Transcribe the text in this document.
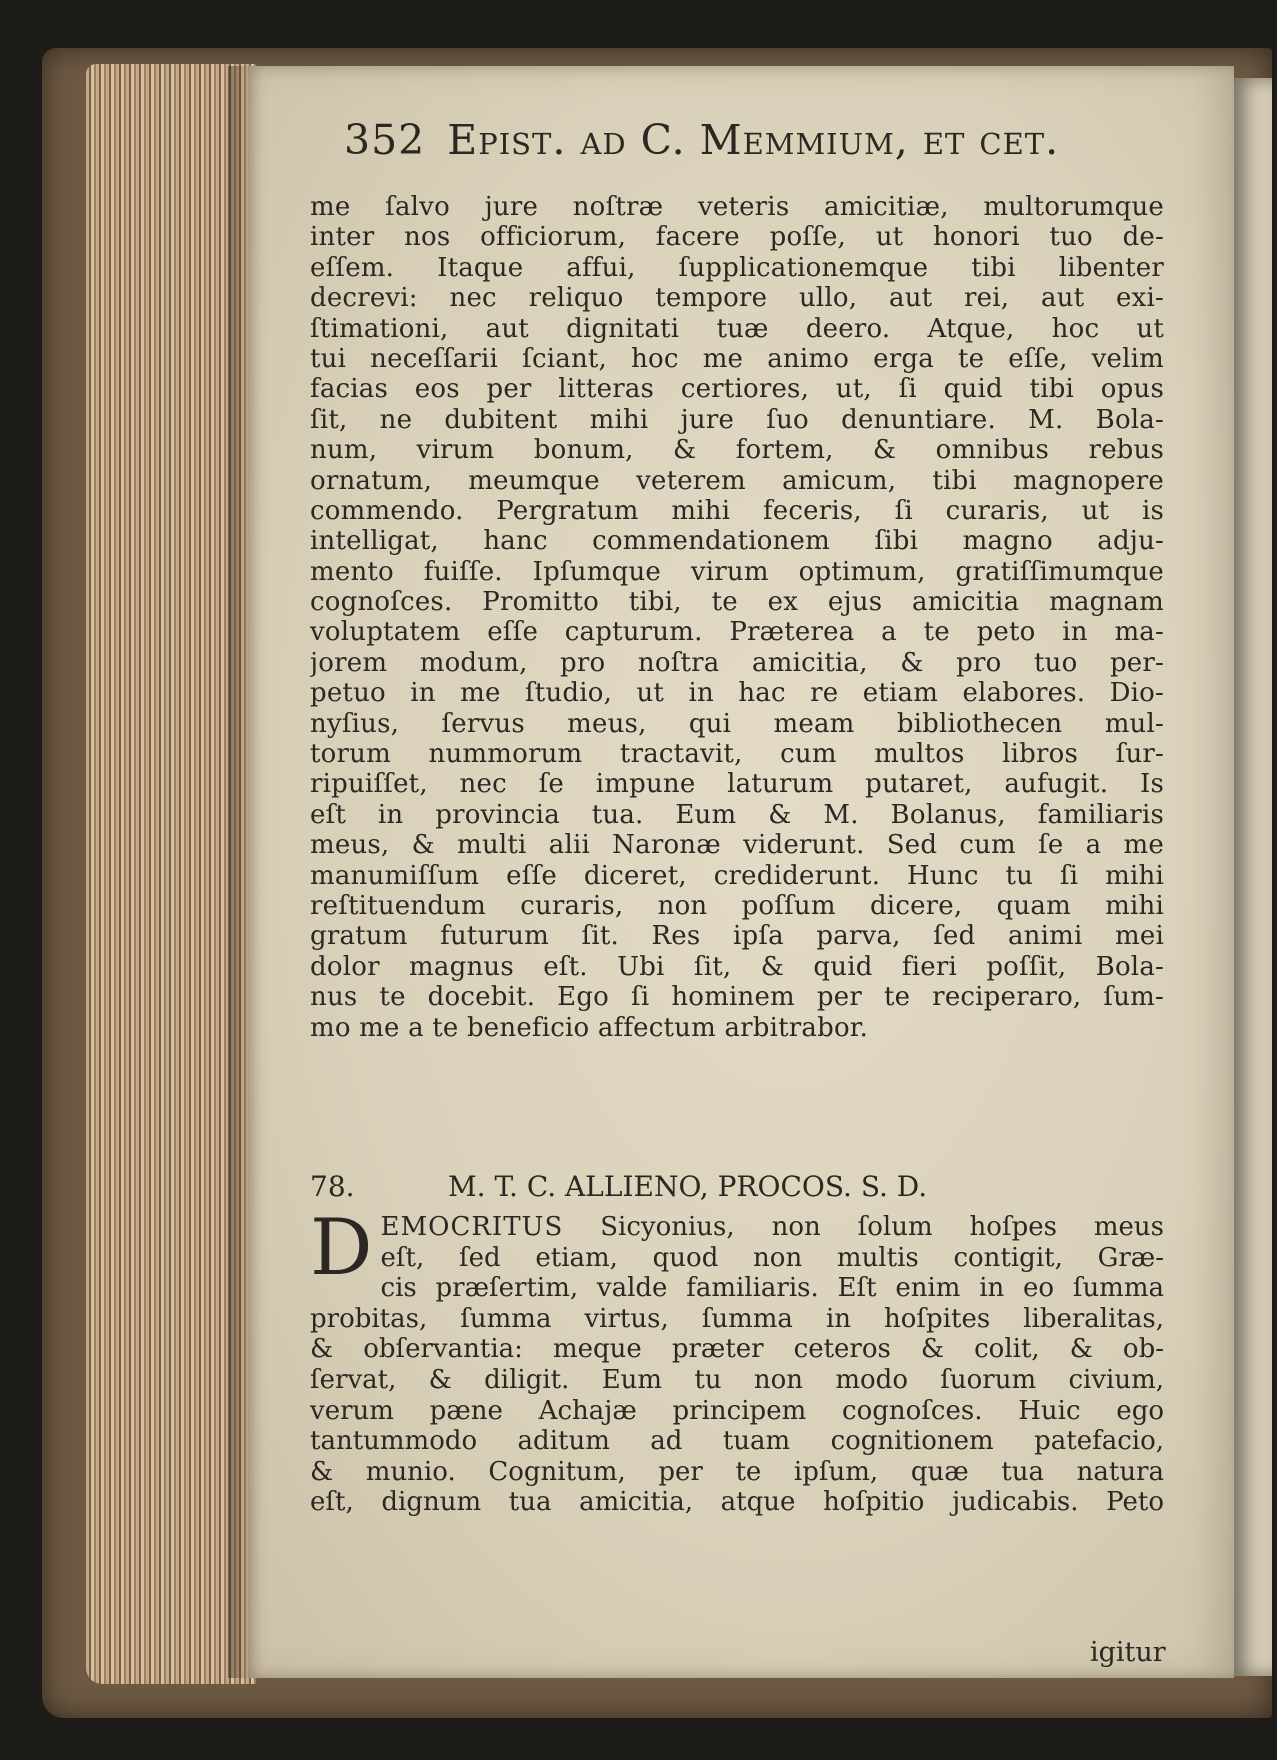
352 Epist. ad C. Memmium, et cet.
me ſalvo jure noſtræ veteris amicitiæ, multorumque
inter nos officiorum, facere poſſe, ut honori tuo de-
eſſem. Itaque affui, ſupplicationemque tibi libenter
decrevi: nec reliquo tempore ullo, aut rei, aut exi-
ſtimationi, aut dignitati tuæ deero. Atque, hoc ut
tui neceſſarii ſciant, hoc me animo erga te eſſe, velim
facias eos per litteras certiores, ut, ſi quid tibi opus
ſit, ne dubitent mihi jure ſuo denuntiare. M. Bola-
num, virum bonum, & fortem, & omnibus rebus
ornatum, meumque veterem amicum, tibi magnopere
commendo. Pergratum mihi feceris, ſi curaris, ut is
intelligat, hanc commendationem ſibi magno adju-
mento fuiſſe. Ipſumque virum optimum, gratiſſimumque
cognoſces. Promitto tibi, te ex ejus amicitia magnam
voluptatem eſſe capturum. Præterea a te peto in ma-
jorem modum, pro noſtra amicitia, & pro tuo per-
petuo in me ſtudio, ut in hac re etiam elabores. Dio-
nyſius, ſervus meus, qui meam bibliothecen mul-
torum nummorum tractavit, cum multos libros ſur-
ripuiſſet, nec ſe impune laturum putaret, aufugit. Is
eſt in provincia tua. Eum & M. Bolanus, familiaris
meus, & multi alii Naronæ viderunt. Sed cum ſe a me
manumiſſum eſſe diceret, crediderunt. Hunc tu ſi mihi
reſtituendum curaris, non poſſum dicere, quam mihi
gratum futurum ſit. Res ipſa parva, ſed animi mei
dolor magnus eſt. Ubi ſit, & quid fieri poſſit, Bola-
nus te docebit. Ego ſi hominem per te reciperaro, ſum-
mo me a te beneficio affectum arbitrabor.
78.	M. T. C. ALLIENO, PROCOS. S. D.
D EMOCRITUS Sicyonius, non ſolum hoſpes meus
eſt, ſed etiam, quod non multis contigit, Græ-
cis præſertim, valde familiaris. Eſt enim in eo ſumma
probitas, ſumma virtus, ſumma in hoſpites liberalitas,
& obſervantia: meque præter ceteros & colit, & ob-
ſervat, & diligit. Eum tu non modo ſuorum civium,
verum pæne Achajæ principem cognoſces. Huic ego
tantummodo aditum ad tuam cognitionem patefacio,
& munio. Cognitum, per te ipſum, quæ tua natura
eſt, dignum tua amicitia, atque hoſpitio judicabis. Peto
igitur
